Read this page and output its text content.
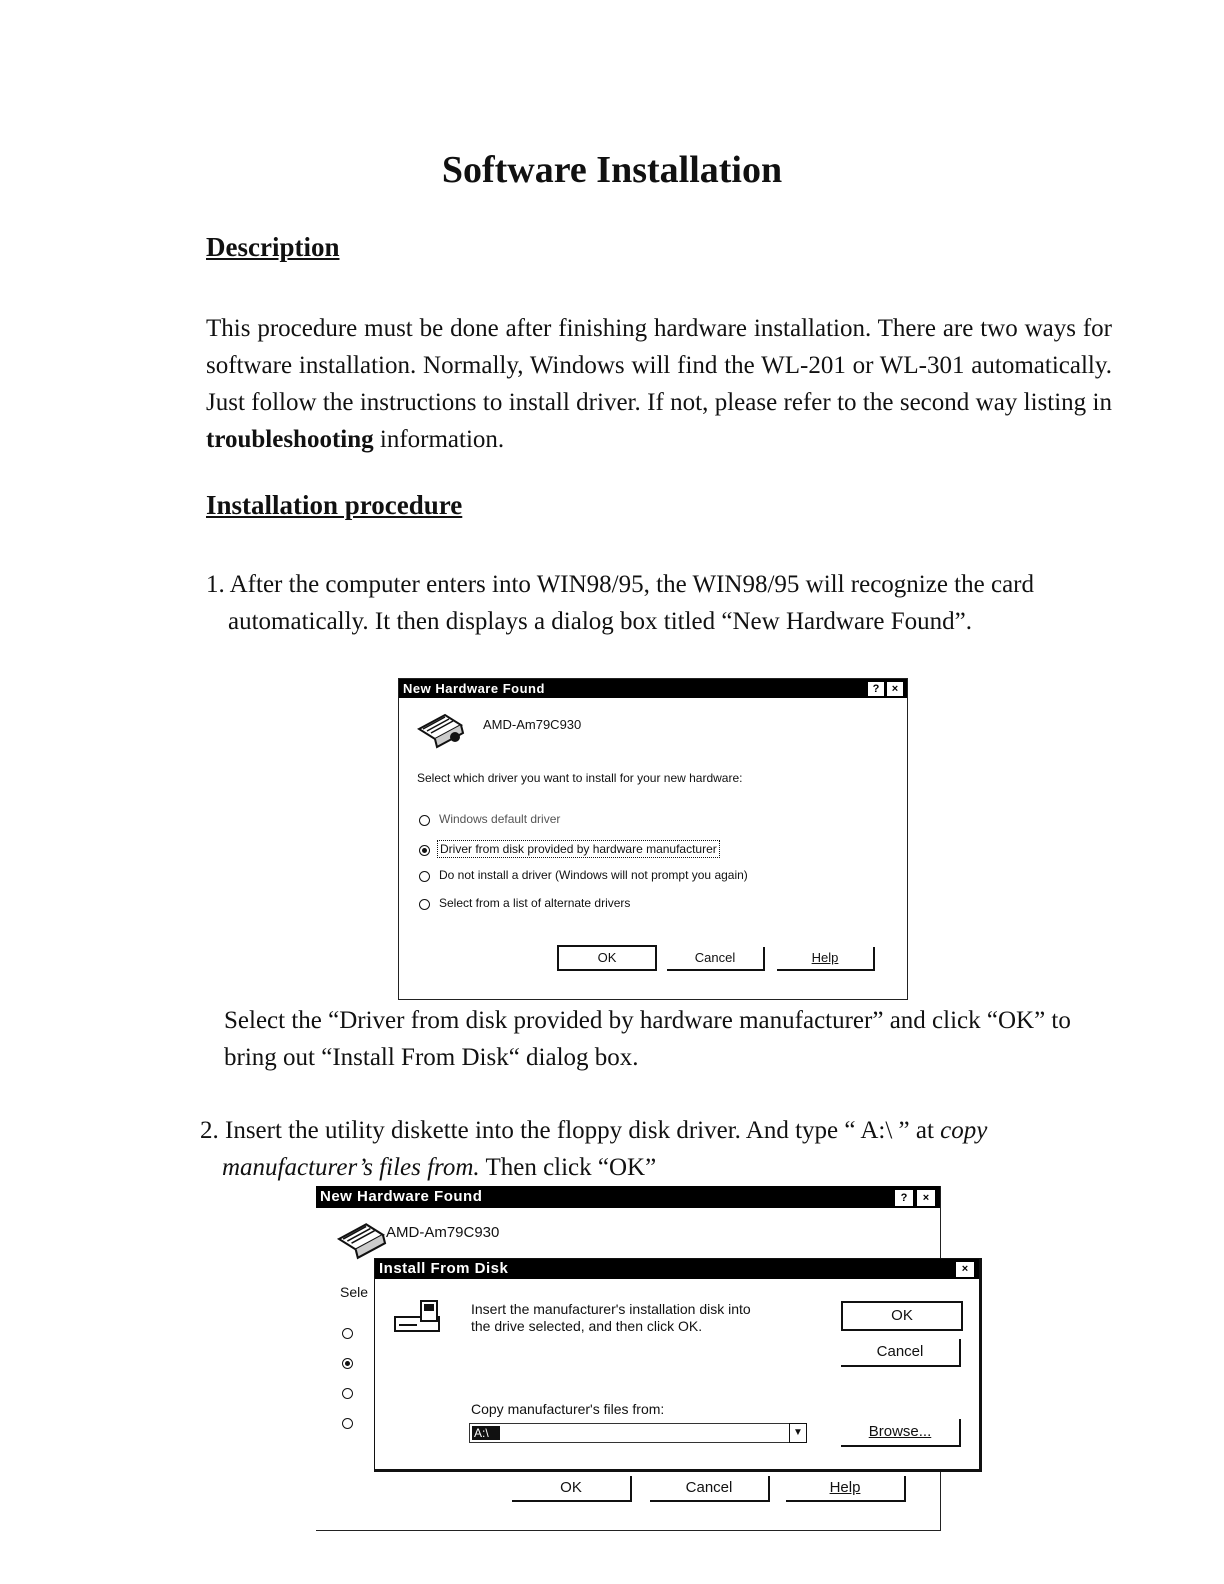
Software Installation
Description

This procedure must be done after finishing hardware installation. There are two ways for software installation. Normally, Windows will find the WL-201 or WL-301 automatically. Just follow the instructions to install driver. If not, please refer to the second way listing in troubleshooting information.

Installation procedure

1. After the computer enters into WIN98/95, the WIN98/95 will recognize the card automatically. It then displays a dialog box titled “New Hardware Found”.

New Hardware Found	?	×
AMD-Am79C930
Select which driver you want to install for your new hardware:
Windows default driver
Driver from disk provided by hardware manufacturer
Do not install a driver (Windows will not prompt you again)
Select from a list of alternate drivers
OK	Cancel	Help

Select the “Driver from disk provided by hardware manufacturer” and click “OK” to bring out “Install From Disk“ dialog box.

2. Insert the utility diskette into the floppy disk driver. And type “ A:\ ” at copy manufacturer’s files from. Then click “OK”

New Hardware Found	?	×
AMD-Am79C930
Sele
OK	Cancel	Help
Install From Disk	×
Insert the manufacturer's installation disk into
the drive selected, and then click OK.
OK
Cancel
Copy manufacturer's files from:
A:\	▼	Browse...
